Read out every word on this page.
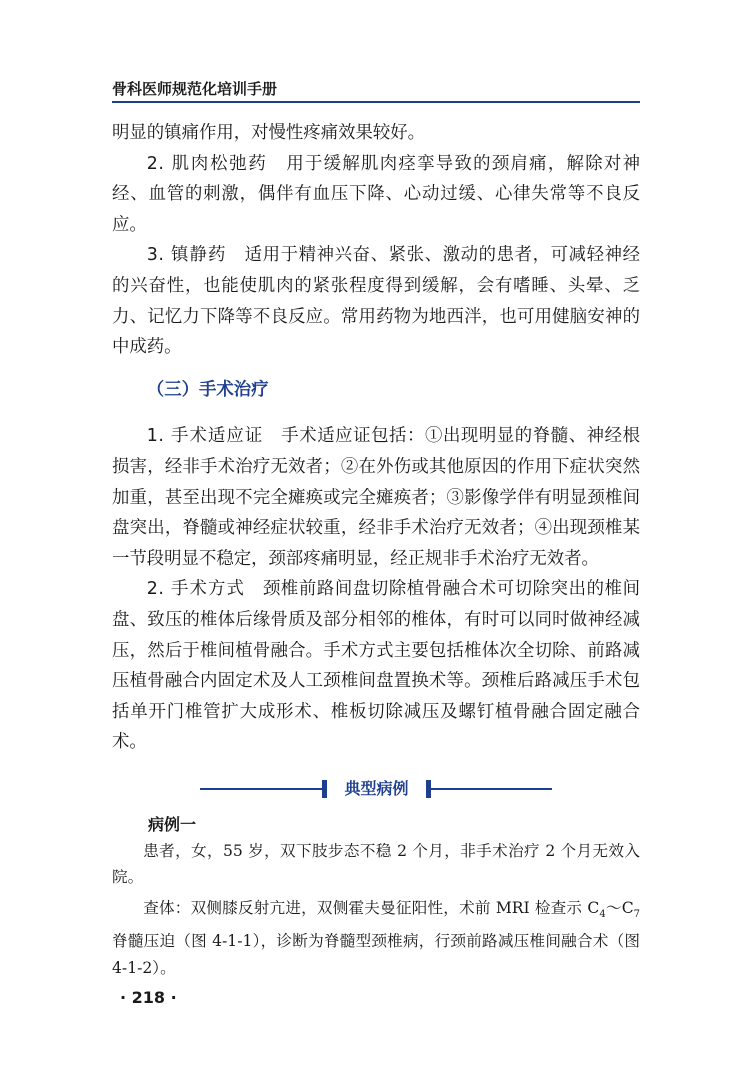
骨科医师规范化培训手册

明显的镇痛作用，对慢性疼痛效果较好。

2. 肌肉松弛药　 用于缓解肌肉痉挛导致的颈肩痛，解除对神经、血管的刺激，偶伴有血压下降、心动过缓、心律失常等不良反应。

3. 镇静药　 适用于精神兴奋、紧张、激动的患者，可减轻神经的兴奋性，也能使肌肉的紧张程度得到缓解，会有嗜睡、头晕、乏力、记忆力下降等不良反应。常用药物为地西泮，也可用健脑安神的中成药。

（三）手术治疗

1. 手术适应证　 手术适应证包括：①出现明显的脊髓、神经根损害，经非手术治疗无效者；②在外伤或其他原因的作用下症状突然加重，甚至出现不完全瘫痪或完全瘫痪者；③影像学伴有明显颈椎间盘突出，脊髓或神经症状较重，经非手术治疗无效者；④出现颈椎某一节段明显不稳定，颈部疼痛明显，经正规非手术治疗无效者。

2. 手术方式　 颈椎前路间盘切除植骨融合术可切除突出的椎间盘、致压的椎体后缘骨质及部分相邻的椎体，有时可以同时做神经减压，然后于椎间植骨融合。手术方式主要包括椎体次全切除、前路减压植骨融合内固定术及人工颈椎间盘置换术等。颈椎后路减压手术包括单开门椎管扩大成形术、椎板切除减压及螺钉植骨融合固定融合术。

典型病例
病例一

患者，女，55 岁，双下肢步态不稳 2 个月，非手术治疗 2 个月无效入院。

查体：双侧膝反射亢进，双侧霍夫曼征阳性，术前 MRI 检查示 $C_4\sim C_7$ 脊髓压迫（图 4-1-1），诊断为脊髓型颈椎病，行颈前路减压椎间融合术（图 4-1-2）。

· 218 ·
